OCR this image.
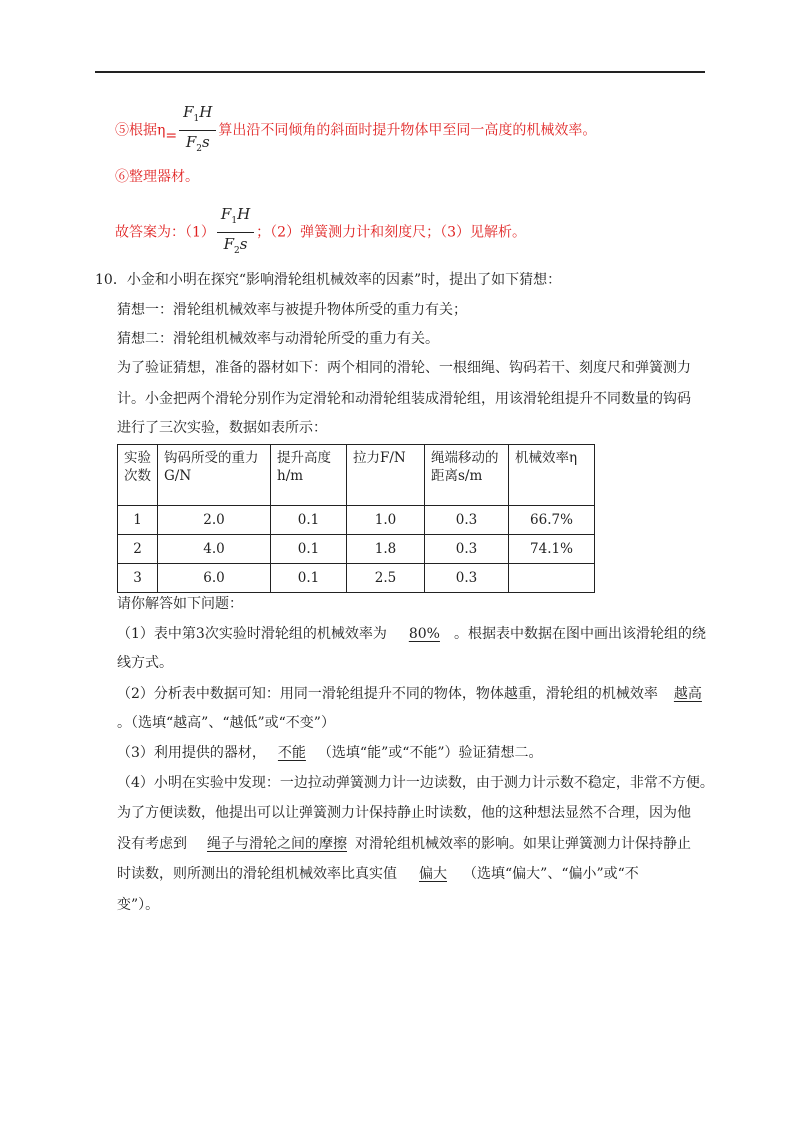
⑤根据$\eta= \frac{F_1H}{F_2s}$ 算出沿不同倾角的斜面时提升物体甲至同一高度的机械效率。
⑥整理器材。
故答案为：$(1) \frac{F_1H}{F_2s}$ ；（2）弹簧测力计和刻度尺；（3）见解析。
10．小金和小明在探究“影响滑轮组机械效率的因素”时，提出了如下猜想：
猜想一：滑轮组机械效率与被提升物体所受的重力有关；
猜想二：滑轮组机械效率与动滑轮所受的重力有关。
为了验证猜想，准备的器材如下：两个相同的滑轮、一根细绳、钩码若干、刻度尺和弹簧测力
计。小金把两个滑轮分别作为定滑轮和动滑轮组装成滑轮组，用该滑轮组提升不同数量的钩码
进行了三次实验，数据如表所示：
实验次数	钩码所受的重力G/N	提升高度h/m	拉力F/N	绳端移动的距离s/m	机械效率η
1	2.0	0.1	1.0	0.3	66.7%
2	4.0	0.1	1.8	0.3	74.1%
3	6.0	0.1	2.5	0.3	
请你解答如下问题：
（1）表中第3次实验时滑轮组的机械效率为 80% 。根据表中数据在图中画出该滑轮组的绕
线方式。
（2）分析表中数据可知：用同一滑轮组提升不同的物体，物体越重，滑轮组的机械效率 越高
。（选填“越高”、“越低”或“不变”）
（3）利用提供的器材， 不能 （选填“能”或“不能”）验证猜想二。
（4）小明在实验中发现：一边拉动弹簧测力计一边读数，由于测力计示数不稳定，非常不方便。
为了方便读数，他提出可以让弹簧测力计保持静止时读数，他的这种想法显然不合理，因为他
没有考虑到 绳子与滑轮之间的摩擦 对滑轮组机械效率的影响。如果让弹簧测力计保持静止
时读数，则所测出的滑轮组机械效率比真实值 偏大 （选填“偏大”、“偏小”或“不
变”）。
